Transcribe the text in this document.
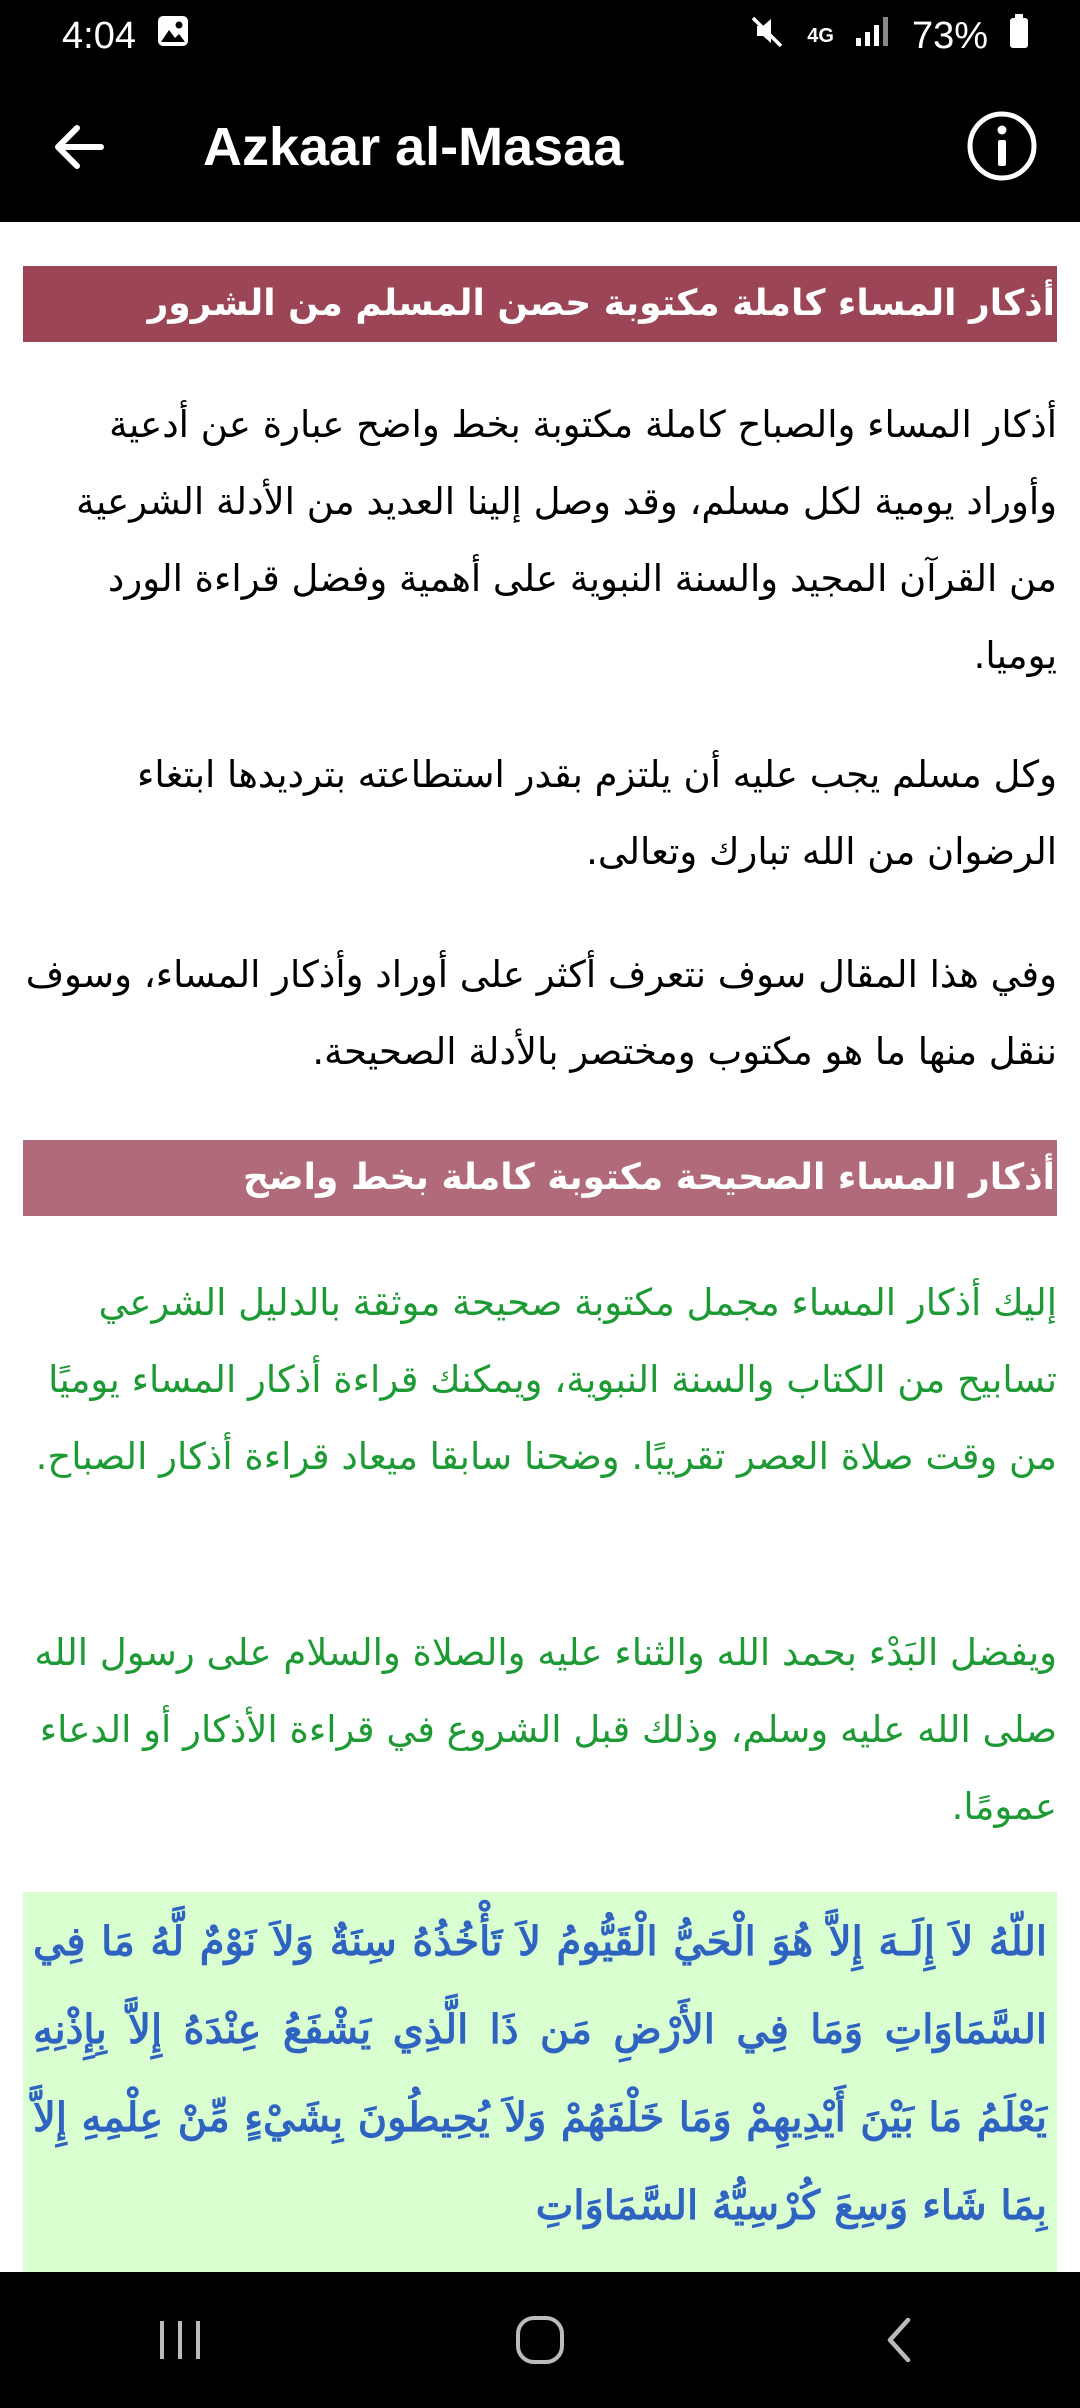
4:04	4G 73%
Azkaar al-Masaa
أذكار المساء كاملة مكتوبة حصن المسلم من الشرور
أذكار المساء والصباح كاملة مكتوبة بخط واضح عبارة عن أدعية وأوراد يومية لكل مسلم، وقد وصل إلينا العديد من الأدلة الشرعية من القرآن المجيد والسنة النبوية على أهمية وفضل قراءة الورد يوميا.
وكل مسلم يجب عليه أن يلتزم بقدر استطاعته بترديدها ابتغاء الرضوان من الله تبارك وتعالى.
وفي هذا المقال سوف نتعرف أكثر على أوراد وأذكار المساء، وسوف ننقل منها ما هو مكتوب ومختصر بالأدلة الصحيحة.
أذكار المساء الصحيحة مكتوبة كاملة بخط واضح
إليك أذكار المساء مجمل مكتوبة صحيحة موثقة بالدليل الشرعي تسابيح من الكتاب والسنة النبوية، ويمكنك قراءة أذكار المساء يوميًا من وقت صلاة العصر تقريبًا. وضحنا سابقا ميعاد قراءة أذكار الصباح.
ويفضل البَدْء بحمد الله والثناء عليه والصلاة والسلام على رسول الله صلى الله عليه وسلم، وذلك قبل الشروع في قراءة الأذكار أو الدعاء عمومًا.
اللّهُ لاَ إِلَـهَ إِلاَّ هُوَ الْحَيُّ الْقَيُّومُ لاَ تَأْخُذُهُ سِنَةٌ وَلاَ نَوْمٌ لَّهُ مَا فِي السَّمَاوَاتِ وَمَا فِي الأَرْضِ مَن ذَا الَّذِي يَشْفَعُ عِنْدَهُ إِلاَّ بِإِذْنِهِ يَعْلَمُ مَا بَيْنَ أَيْدِيهِمْ وَمَا خَلْفَهُمْ وَلاَ يُحِيطُونَ بِشَيْءٍ مِّنْ عِلْمِهِ إِلاَّ بِمَا شَاء وَسِعَ كُرْسِيُّهُ السَّمَاوَاتِ
